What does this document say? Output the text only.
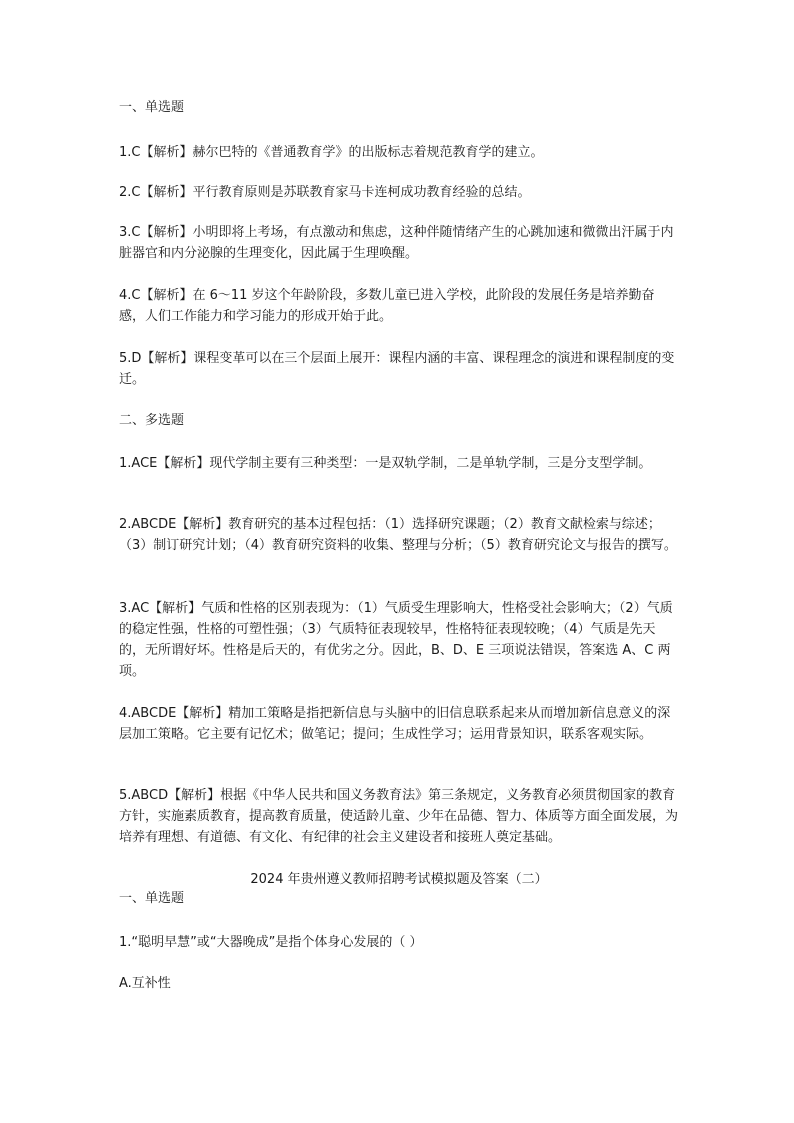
一、单选题

1.C【解析】赫尔巴特的《普通教育学》的出版标志着规范教育学的建立。

2.C【解析】平行教育原则是苏联教育家马卡连柯成功教育经验的总结。

3.C【解析】小明即将上考场，有点激动和焦虑，这种伴随情绪产生的心跳加速和微微出汗属于内脏器官和内分泌腺的生理变化，因此属于生理唤醒。

4.C【解析】在 6～11 岁这个年龄阶段，多数儿童已进入学校，此阶段的发展任务是培养勤奋感，人们工作能力和学习能力的形成开始于此。

5.D【解析】课程变革可以在三个层面上展开：课程内涵的丰富、课程理念的演进和课程制度的变迁。

二、多选题

1.ACE【解析】现代学制主要有三种类型：一是双轨学制，二是单轨学制，三是分支型学制。

2.ABCDE【解析】教育研究的基本过程包括：（1）选择研究课题；（2）教育文献检索与综述；（3）制订研究计划；（4）教育研究资料的收集、整理与分析；（5）教育研究论文与报告的撰写。

3.AC【解析】气质和性格的区别表现为：（1）气质受生理影响大，性格受社会影响大；（2）气质的稳定性强，性格的可塑性强；（3）气质特征表现较早，性格特征表现较晚；（4）气质是先天的，无所谓好坏。性格是后天的，有优劣之分。因此，B、D、E 三项说法错误，答案选 A、C 两项。

4.ABCDE【解析】精加工策略是指把新信息与头脑中的旧信息联系起来从而增加新信息意义的深层加工策略。它主要有记忆术；做笔记；提问；生成性学习；运用背景知识，联系客观实际。

5.ABCD【解析】根据《中华人民共和国义务教育法》第三条规定，义务教育必须贯彻国家的教育方针，实施素质教育，提高教育质量，使适龄儿童、少年在品德、智力、体质等方面全面发展，为培养有理想、有道德、有文化、有纪律的社会主义建设者和接班人奠定基础。

2024 年贵州遵义教师招聘考试模拟题及答案（二）

一、单选题

1.“聪明早慧”或“大器晚成”是指个体身心发展的（ ）

A.互补性
